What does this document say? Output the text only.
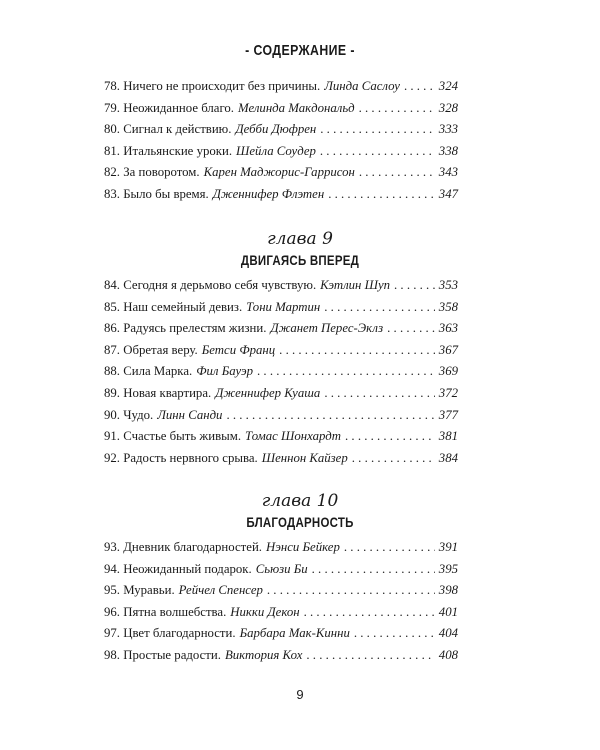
- СОДЕРЖАНИЕ -
78. Ничего не происходит без причины. Линда Саслоу . . .	324
79. Неожиданное благо. Мелинда Макдональд . . .	328
80. Сигнал к действию. Дебби Дюфрен . . .	333
81. Итальянские уроки. Шейла Соудер . . .	338
82. За поворотом. Карен Маджорис-Гаррисон . . .	343
83. Было бы время. Дженнифер Флэтен . . .	347
глава 9
ДВИГАЯСЬ ВПЕРЕД
84. Сегодня я дерьмово себя чувствую. Кэтлин Шуп . . .	353
85. Наш семейный девиз. Тони Мартин . . .	358
86. Радуясь прелестям жизни. Джанет Перес-Эклз . . .	363
87. Обретая веру. Бетси Франц . . .	367
88. Сила Марка. Фил Бауэр . . .	369
89. Новая квартира. Дженнифер Куаша . . .	372
90. Чудо. Линн Санди . . .	377
91. Счастье быть живым. Томас Шонхардт . . .	381
92. Радость нервного срыва. Шеннон Кайзер . . .	384
глава 10
БЛАГОДАРНОСТЬ
93. Дневник благодарностей. Нэнси Бейкер . . .	391
94. Неожиданный подарок. Сьюзи Би . . .	395
95. Муравьи. Рейчел Спенсер . . .	398
96. Пятна волшебства. Никки Декон . . .	401
97. Цвет благодарности. Барбара Мак-Кинни . . .	404
98. Простые радости. Виктория Кох . . .	408
9
